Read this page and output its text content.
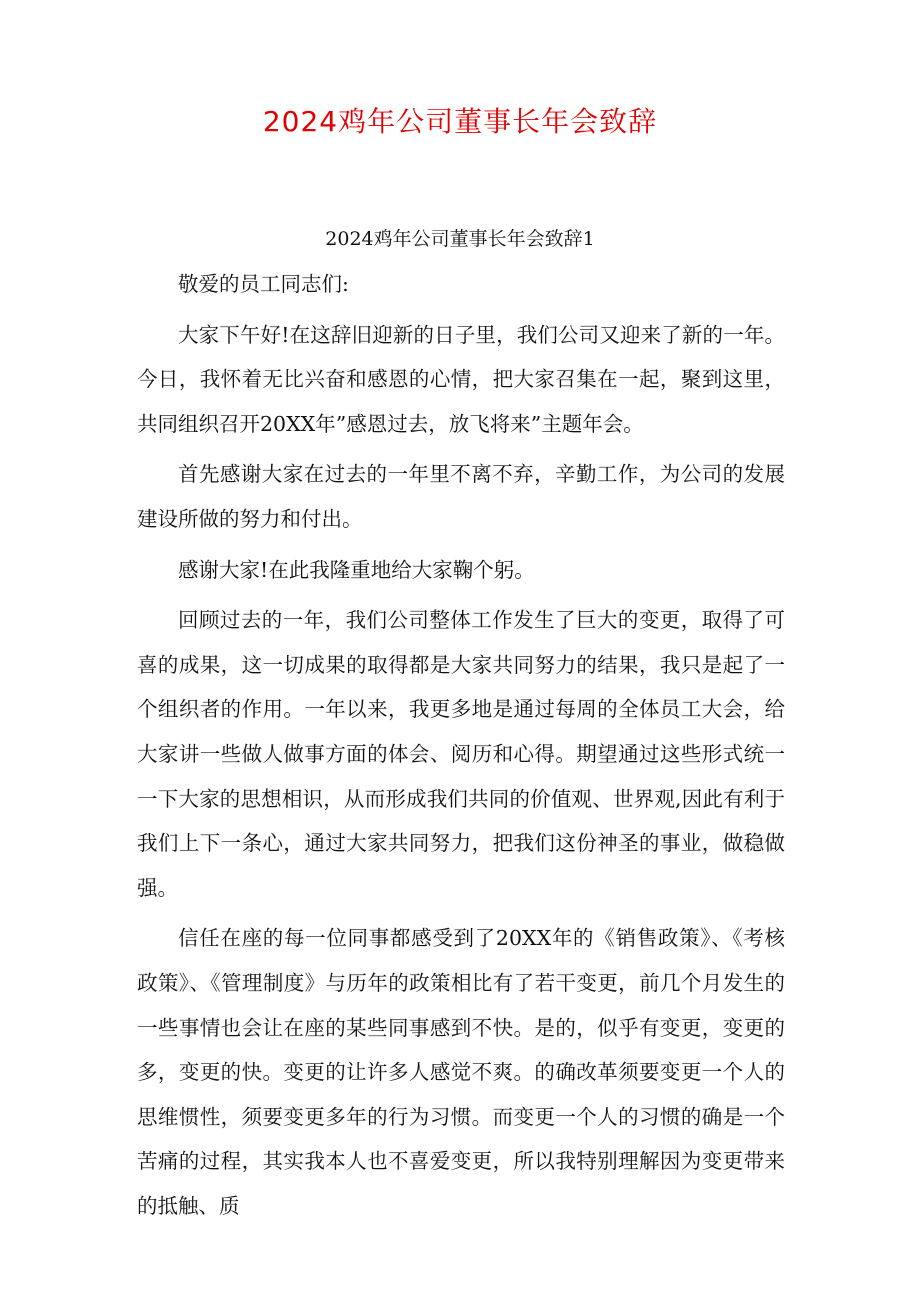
2024鸡年公司董事长年会致辞
2024鸡年公司董事长年会致辞1

敬爱的员工同志们:

大家下午好!在这辞旧迎新的日子里，我们公司又迎来了新的一年。今日，我怀着无比兴奋和感恩的心情，把大家召集在一起，聚到这里，共同组织召开20XX年”感恩过去，放飞将来”主题年会。

首先感谢大家在过去的一年里不离不弃，辛勤工作，为公司的发展建设所做的努力和付出。

感谢大家!在此我隆重地给大家鞠个躬。

回顾过去的一年，我们公司整体工作发生了巨大的变更，取得了可喜的成果，这一切成果的取得都是大家共同努力的结果，我只是起了一个组织者的作用。一年以来，我更多地是通过每周的全体员工大会，给大家讲一些做人做事方面的体会、阅历和心得。期望通过这些形式统一一下大家的思想相识，从而形成我们共同的价值观、世界观,因此有利于我们上下一条心，通过大家共同努力，把我们这份神圣的事业，做稳做强。

信任在座的每一位同事都感受到了20XX年的《销售政策》、《考核政策》、《管理制度》与历年的政策相比有了若干变更，前几个月发生的一些事情也会让在座的某些同事感到不快。是的，似乎有变更，变更的多，变更的快。变更的让许多人感觉不爽。的确改革须要变更一个人的思维惯性，须要变更多年的行为习惯。而变更一个人的习惯的确是一个苦痛的过程，其实我本人也不喜爱变更，所以我特别理解因为变更带来的抵触、质
